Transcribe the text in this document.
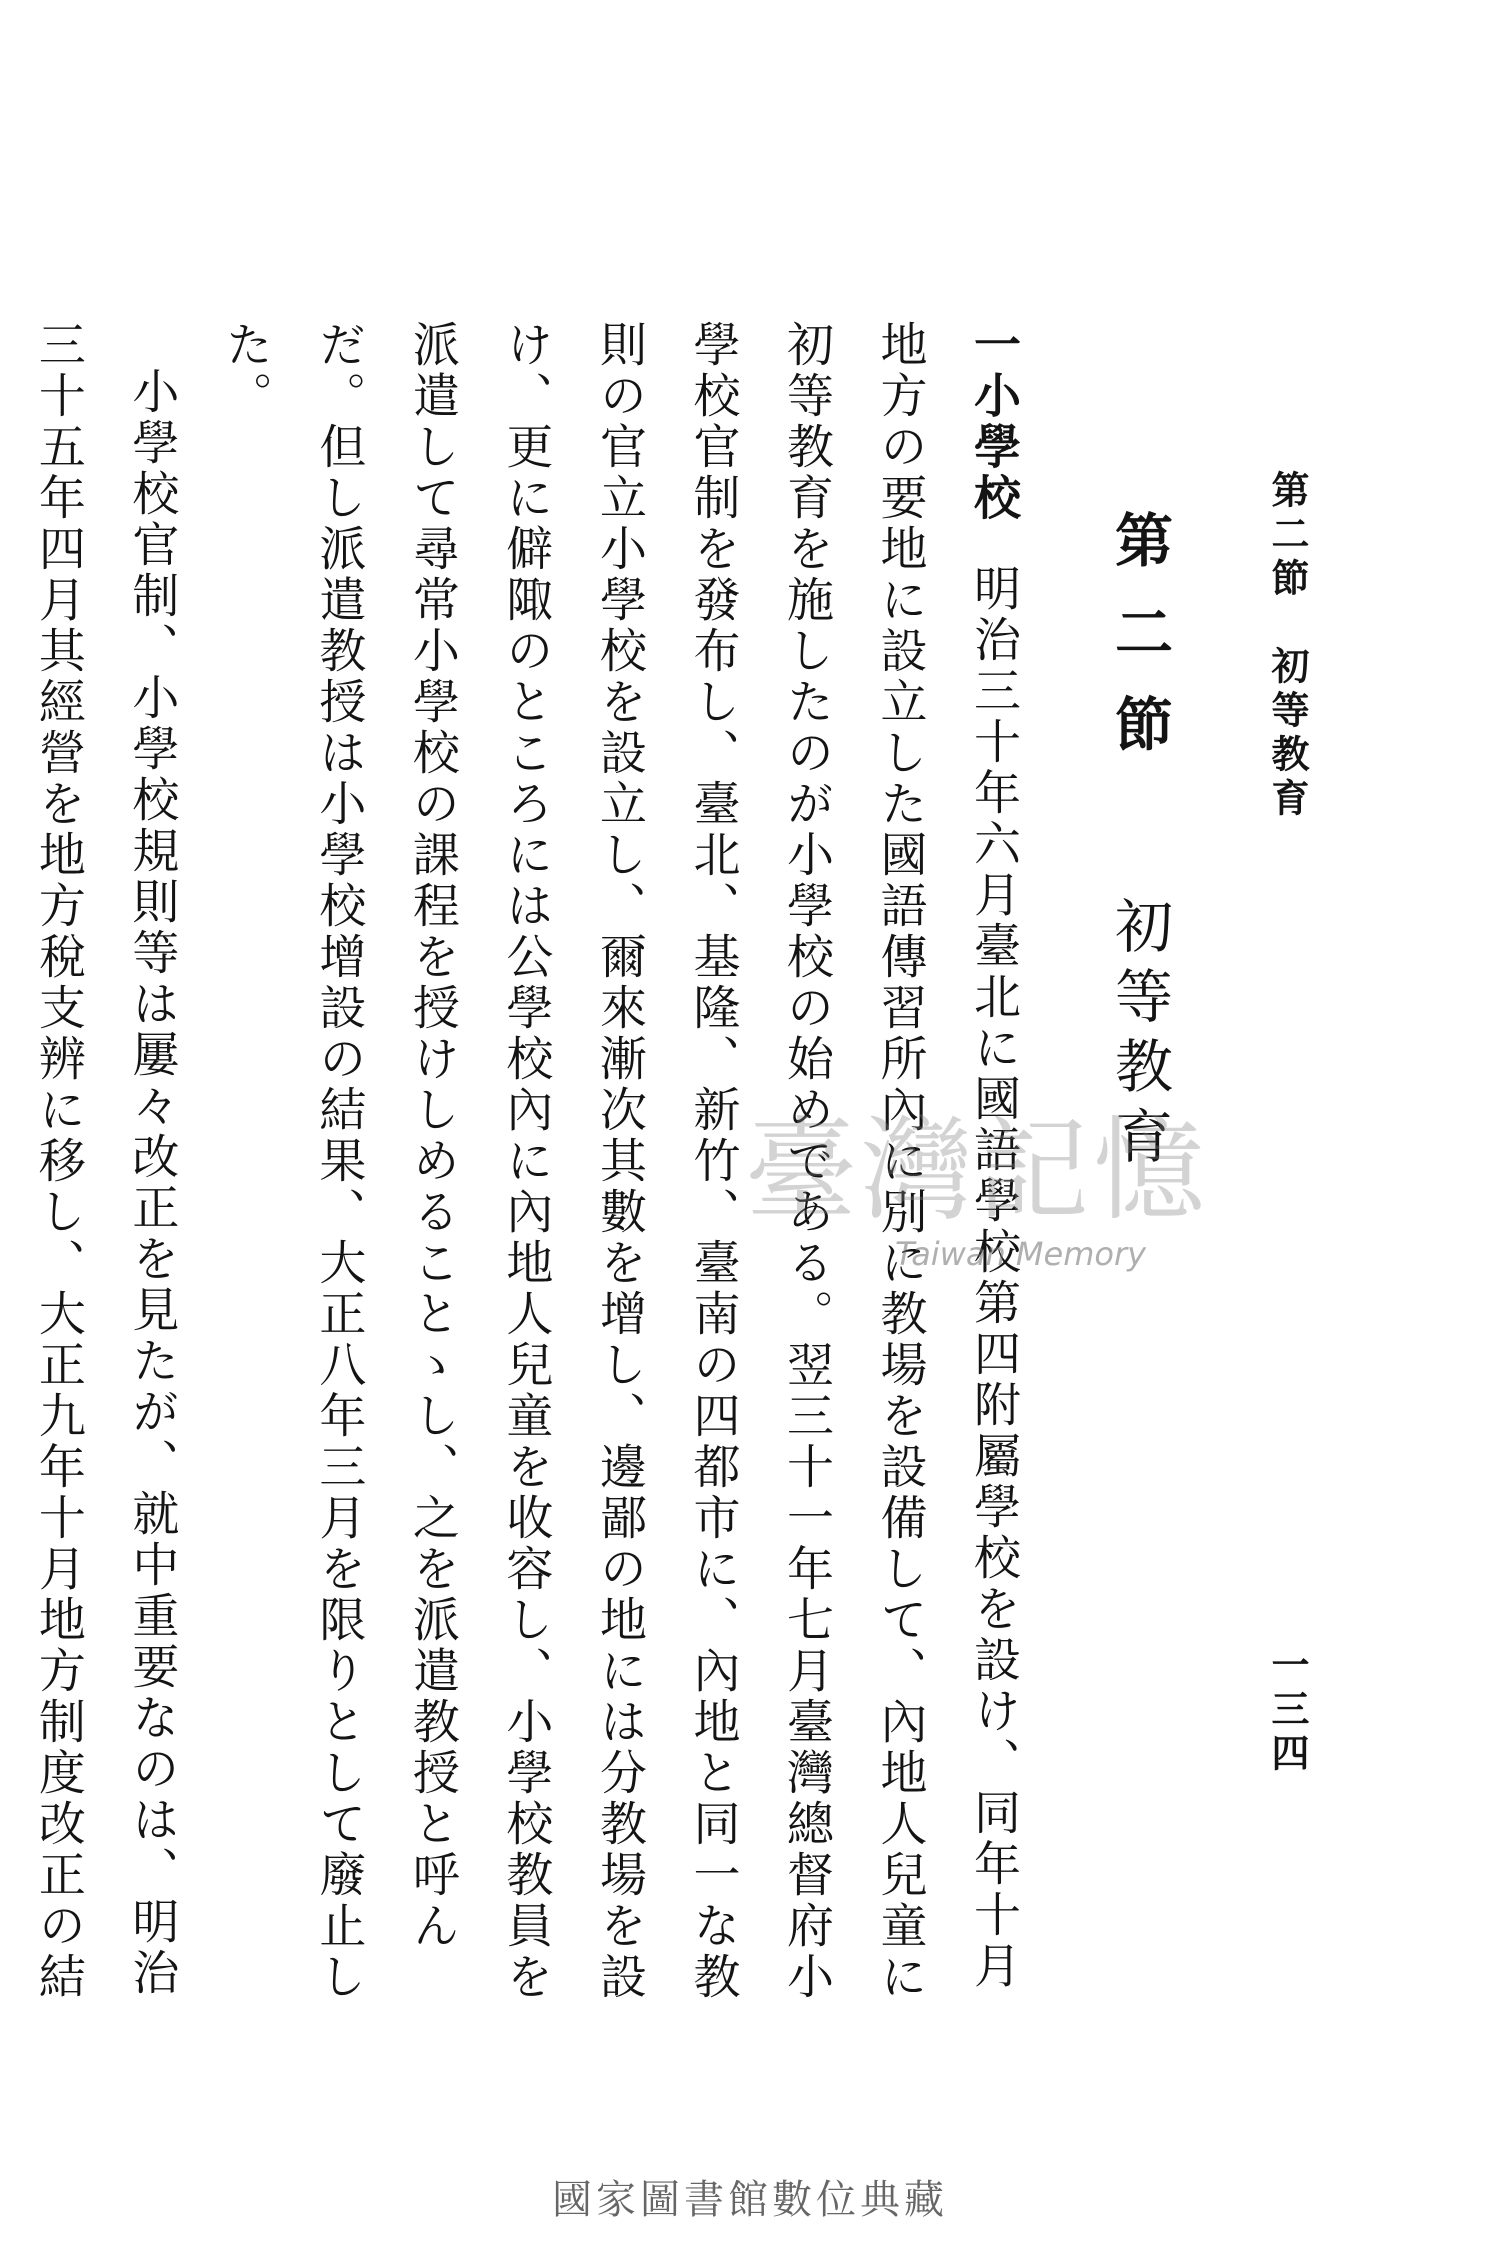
第二節　初等教育
一三四
第二節初等教育

一小學校明治三十年六月臺北に國語學校第四附屬學校を設け、同年十月地方の要地に設立した國語傳習所內に別に教場を設備して、內地人兒童に初等教育を施したのが小學校の始めである。翌三十一年七月臺灣總督府小學校官制を發布し、臺北、基隆、新竹、臺南の四都市に、內地と同一な教則の官立小學校を設立し、爾來漸次其數を增し、邊鄙の地には分教場を設け、更に僻陬のところには公學校內に內地人兒童を收容し、小學校教員を派遣して尋常小學校の課程を授けしめることゝし、之を派遣教授と呼んだ。但し派遣教授は小學校增設の結果、大正八年三月を限りとして廢止した。

小學校官制、小學校規則等は屢々改正を見たが、就中重要なのは、明治三十五年四月其經營を地方稅支辨に移し、大正九年十月地方制度改正の結

臺灣記憶
Taiwan Memory
國家圖書館數位典藏
